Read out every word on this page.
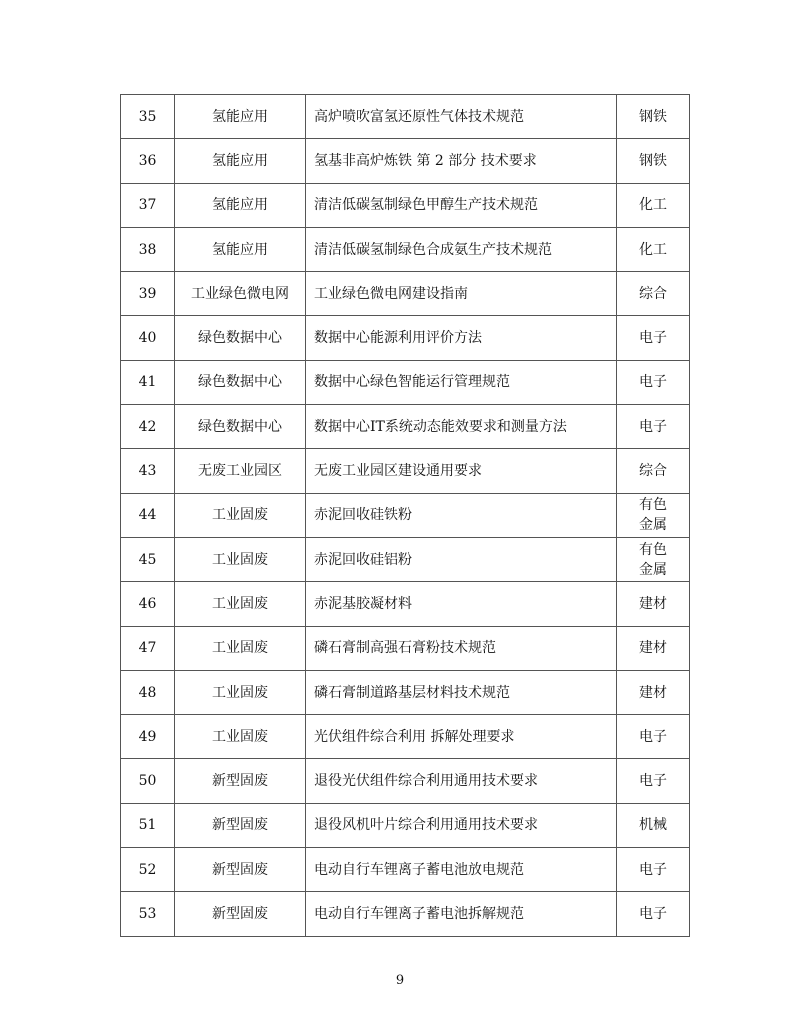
35	氢能应用	高炉喷吹富氢还原性气体技术规范	钢铁
36	氢能应用	氢基非高炉炼铁 第 2 部分 技术要求	钢铁
37	氢能应用	清洁低碳氢制绿色甲醇生产技术规范	化工
38	氢能应用	清洁低碳氢制绿色合成氨生产技术规范	化工
39	工业绿色微电网	工业绿色微电网建设指南	综合
40	绿色数据中心	数据中心能源利用评价方法	电子
41	绿色数据中心	数据中心绿色智能运行管理规范	电子
42	绿色数据中心	数据中心IT系统动态能效要求和测量方法	电子
43	无废工业园区	无废工业园区建设通用要求	综合
44	工业固废	赤泥回收硅铁粉	有色
金属
45	工业固废	赤泥回收硅铝粉	有色
金属
46	工业固废	赤泥基胶凝材料	建材
47	工业固废	磷石膏制高强石膏粉技术规范	建材
48	工业固废	磷石膏制道路基层材料技术规范	建材
49	工业固废	光伏组件综合利用 拆解处理要求	电子
50	新型固废	退役光伏组件综合利用通用技术要求	电子
51	新型固废	退役风机叶片综合利用通用技术要求	机械
52	新型固废	电动自行车锂离子蓄电池放电规范	电子
53	新型固废	电动自行车锂离子蓄电池拆解规范	电子
9
